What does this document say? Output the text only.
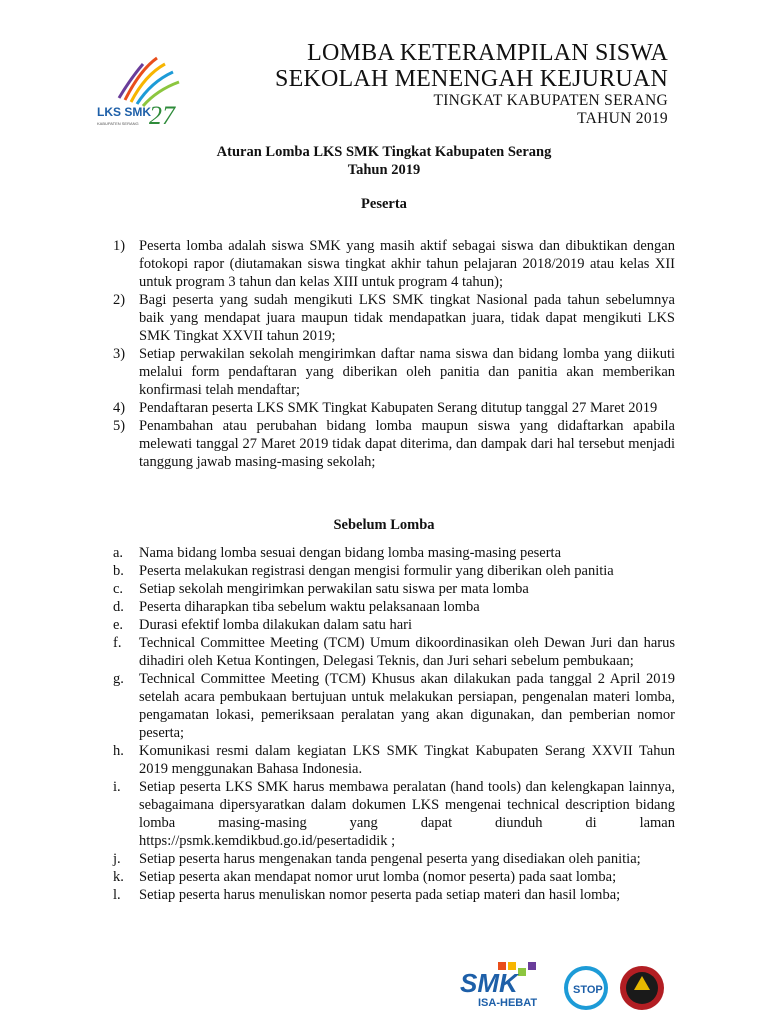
LKS SMK
27
KABUPATEN SERANG
LOMBA KETERAMPILAN SISWA
SEKOLAH MENENGAH KEJURUAN
TINGKAT KABUPATEN SERANG
TAHUN 2019
Aturan Lomba LKS SMK Tingkat Kabupaten Serang
Tahun 2019
Peserta
1) Peserta lomba adalah siswa SMK yang masih aktif sebagai siswa dan dibuktikan dengan fotokopi rapor (diutamakan siswa tingkat akhir tahun pelajaran 2018/2019 atau kelas XII untuk program 3 tahun dan kelas XIII untuk program 4 tahun);
2) Bagi peserta yang sudah mengikuti LKS SMK tingkat Nasional pada tahun sebelumnya baik yang mendapat juara maupun tidak mendapatkan juara, tidak dapat mengikuti LKS SMK Tingkat XXVII tahun 2019;
3) Setiap perwakilan sekolah mengirimkan daftar nama siswa dan bidang lomba yang diikuti melalui form pendaftaran yang diberikan oleh panitia dan panitia akan memberikan konfirmasi telah mendaftar;
4) Pendaftaran peserta LKS SMK Tingkat Kabupaten Serang ditutup tanggal 27 Maret 2019
5) Penambahan atau perubahan bidang lomba maupun siswa yang didaftarkan apabila melewati tanggal 27 Maret 2019 tidak dapat diterima, dan dampak dari hal tersebut menjadi tanggung jawab masing-masing sekolah;
Sebelum Lomba
a. Nama bidang lomba sesuai dengan bidang lomba masing-masing peserta
b. Peserta melakukan registrasi dengan mengisi formulir yang diberikan oleh panitia
c. Setiap sekolah mengirimkan perwakilan satu siswa per mata lomba
d. Peserta diharapkan tiba sebelum waktu pelaksanaan lomba
e. Durasi efektif lomba dilakukan dalam satu hari
f. Technical Committee Meeting (TCM) Umum dikoordinasikan oleh Dewan Juri dan harus dihadiri oleh Ketua Kontingen, Delegasi Teknis, dan Juri sehari sebelum pembukaan;
g. Technical Committee Meeting (TCM) Khusus akan dilakukan pada tanggal 2 April 2019 setelah acara pembukaan bertujuan untuk melakukan persiapan, pengenalan materi lomba, pengamatan lokasi, pemeriksaan peralatan yang akan digunakan, dan pemberian nomor peserta;
h. Komunikasi resmi dalam kegiatan LKS SMK Tingkat Kabupaten Serang XXVII Tahun 2019 menggunakan Bahasa Indonesia.
i. Setiap peserta LKS SMK harus membawa peralatan (hand tools) dan kelengkapan lainnya, sebagaimana dipersyaratkan dalam dokumen LKS mengenai technical description bidang lomba masing-masing yang dapat diunduh di laman https://psmk.kemdikbud.go.id/pesertadidik ;
j. Setiap peserta harus mengenakan tanda pengenal peserta yang disediakan oleh panitia;
k. Setiap peserta akan mendapat nomor urut lomba (nomor peserta) pada saat lomba;
l. Setiap peserta harus menuliskan nomor peserta pada setiap materi dan hasil lomba;
SMK
ISA-HEBAT
STOP
